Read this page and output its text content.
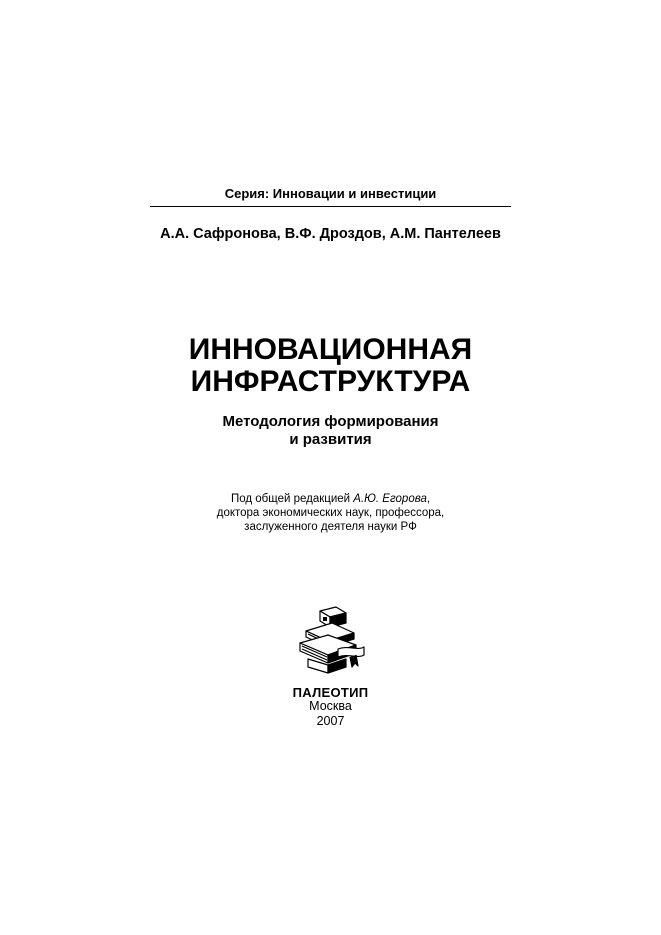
Серия: Инновации и инвестиции
А.А. Сафронова, В.Ф. Дроздов, А.М. Пантелеев
ИННОВАЦИОННАЯ
ИНФРАСТРУКТУРА
Методология формирования
и развития
Под общей редакцией А.Ю. Егорова,
доктора экономических наук, профессора,
заслуженного деятеля науки РФ
ПАЛЕОТИП
Москва
2007
